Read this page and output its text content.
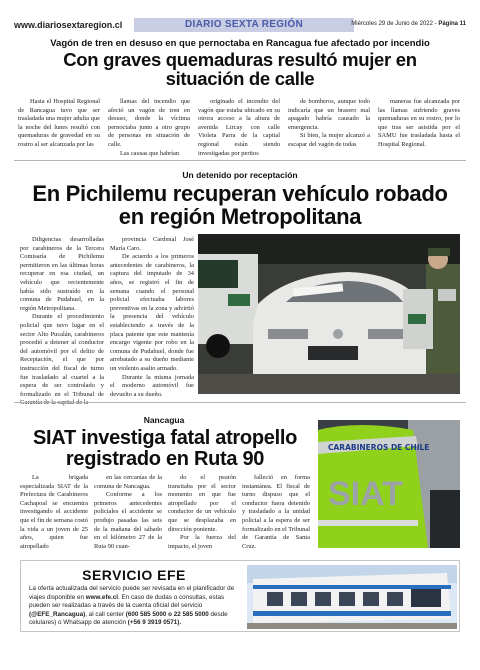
www.diariosextaregion.cl	DIARIO SEXTA REGIÓN	Miércoles 29 de Junio de 2022 - Página 11
Vagón de tren en desuso en que pernoctaba en Rancagua fue afectado por incendio
Con graves quemaduras resultó mujer en situación de calle

Hasta el Hospital Regional de Rancagua tuvo que ser trasladada una mujer adulta que la noche del lunes resultó con quemaduras de gravedad en su rostro al ser alcanzada por las

llamas del incendio que afectó un vagón de tren en desuso, donde la víctima pernoctaba junto a otro grupo de personas en situación de calle.

Las causas que habrían

originado el incendio del vagón que estaba ubicado en su otrora acceso a la altura de avenida Lircay con calle Violeta Parra de la capital regional están siendo investigadas por peritos

de bomberos, aunque todo indicaría que un brasero mal apagado habría causado la emergencia.

Si bien, la mujer alcanzó a escapar del vagón de todas

maneras fue alcanzada por las llamas sufriendo graves quemaduras en su rostro, por lo que tras ser asistida por el SAMU fue trasladada hasta el Hospital Regional.

Un detenido por receptación
En Pichilemu recuperan vehículo robado en región Metropolitana

Diligencias desarrolladas por carabineros de la Tercera Comisaría de Pichilemu permitieron en las últimas horas recuperar en esa ciudad, un vehículo que recientemente había sido sustraído en la comuna de Pudahuel, en la región Metropolitana.

Durante el procedimiento policial que tuvo lugar en el sector Alto Pucalán, carabineros procedió a detener al conductor del automóvil por el delito de Receptación, el que por instrucción del fiscal de turno fue trasladado al cuartel a la espera de ser controlado y formalizado en el Tribunal de

provincia Cardenal José María Caro.

De acuerdo a los primeros antecedentes de carabineros, la captura del imputado de 34 años, se registró el fin de semana cuando el personal policial efectuaba labores preventivas en la zona y advirtió la presencia del vehículo estableciendo a través de la placa patente que este mantenía encargo vigente por robo en la comuna de Pudahuel, donde fue arrebatado a su dueño mediante un violento asalto armado.

Durante la misma jornada el moderno automóvil fue devuelto a su dueño.

Nancagua
SIAT investiga fatal atropello registrado en Ruta 90

La brigada especializada SIAT de la Prefectura de Carabineros Cachapoal se encuentra investigando el accidente que el fin de semana costó la vida a un joven de 25 años, quien fue atropellado

en las cercanías de la comuna de Nancagua.

Conforme a los primeros antecedentes policiales el accidente se produjo pasadas las seis de la mañana del sábado en el kilómetro 27 de la Ruta 90 cuan-

do el peatón transitaba por el sector momento en que fue atropellado por el conductor de un vehículo que se desplazaba en dirección poniente.

Por la fuerza del impacto, el joven

falleció en forma instantánea. El fiscal de turno dispuso que el conductor fuera detenido y trasladado a la unidad policial a la espera de ser formalizado en el Tribunal de Garantía de Santa Cruz.

CARABINEROS DE CHILE
SIAT
SERVICIO EFE
La oferta actualizada del servicio puede ser revisada en el planificador de viajes disponible en www.efe.cl. En caso de dudas o consultas, estas pueden ser realizadas a través de la cuenta oficial del servicio (@EFE_Rancagua), al call center (600 585 5000 o 22 585 5000 desde celulares) o Whatsapp de atención (+56 9 3919 0571).
